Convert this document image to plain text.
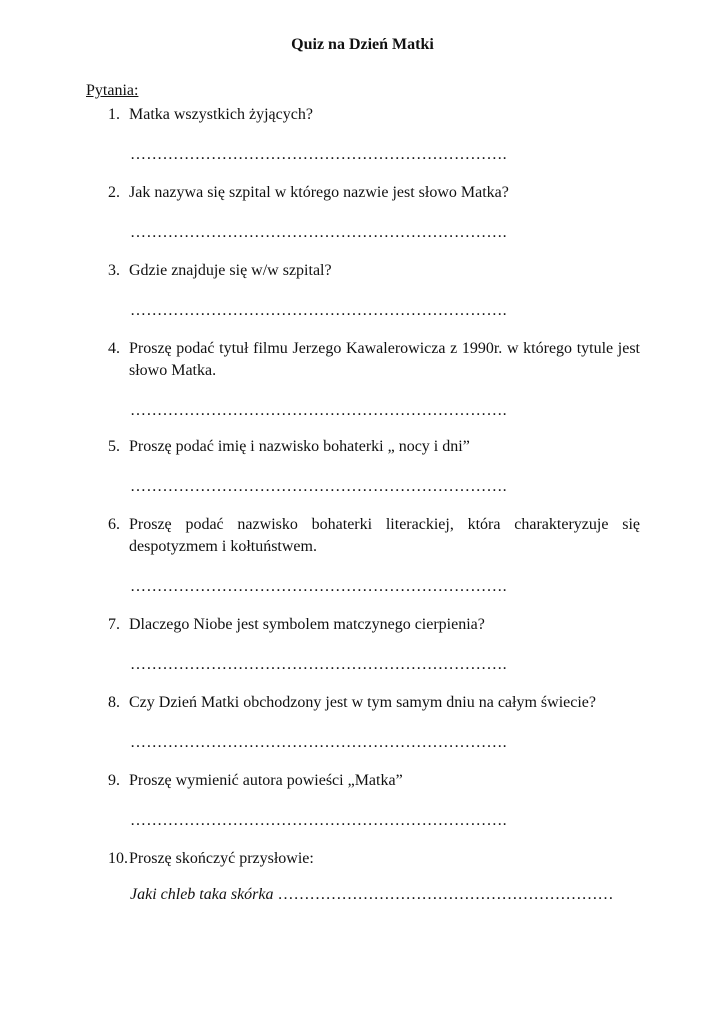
Quiz na Dzień Matki
Pytania:
1. Matka wszystkich żyjących?
…………………………………………………………….
2. Jak nazywa się szpital w którego nazwie jest słowo Matka?
…………………………………………………………….
3. Gdzie znajduje się w/w szpital?
…………………………………………………………….
4. Proszę podać tytuł filmu Jerzego Kawalerowicza z 1990r. w którego tytule jest słowo Matka.
…………………………………………………………….
5. Proszę podać imię i nazwisko bohaterki „ nocy i dni”
…………………………………………………………….
6. Proszę podać nazwisko bohaterki literackiej, która charakteryzuje się despotyzmem i kołtuństwem.
…………………………………………………………….
7. Dlaczego Niobe jest symbolem matczynego cierpienia?
…………………………………………………………….
8. Czy Dzień Matki obchodzony jest w tym samym dniu na całym świecie?
…………………………………………………………….
9. Proszę wymienić autora powieści „Matka”
…………………………………………………………….
10. Proszę skończyć przysłowie:
Jaki chleb taka skórka ………………………………………………………
